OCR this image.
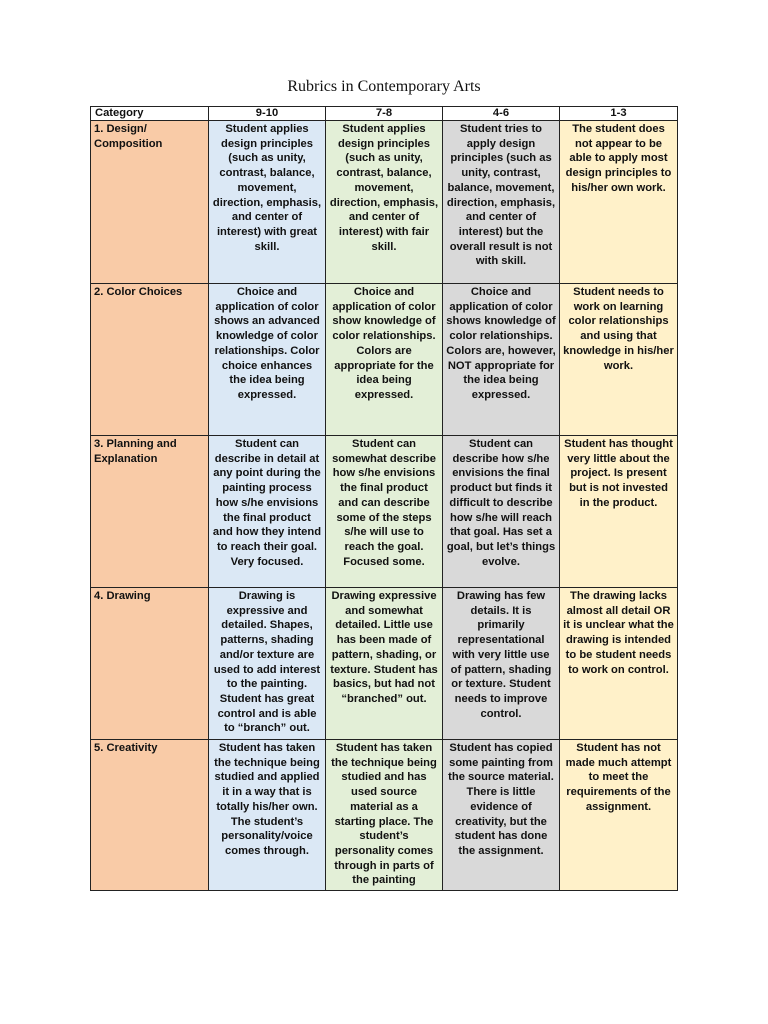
Rubrics in Contemporary Arts
Category	9-10	7-8	4-6	1-3
1. Design/ Composition	Student applies design principles (such as unity, contrast, balance, movement, direction, emphasis, and center of interest) with great skill.	Student applies design principles (such as unity, contrast, balance, movement, direction, emphasis, and center of interest) with fair skill.	Student tries to apply design principles (such as unity, contrast, balance, movement, direction, emphasis, and center of interest) but the overall result is not with skill.	The student does not appear to be able to apply most design principles to his/her own work.
2. Color Choices	Choice and application of color shows an advanced knowledge of color relationships. Color choice enhances the idea being expressed.	Choice and application of color show knowledge of color relationships. Colors are appropriate for the idea being expressed.	Choice and application of color shows knowledge of color relationships. Colors are, however, NOT appropriate for the idea being expressed.	Student needs to work on learning color relationships and using that knowledge in his/her work.
3. Planning and Explanation	Student can describe in detail at any point during the painting process how s/he envisions the final product and how they intend to reach their goal. Very focused.	Student can somewhat describe how s/he envisions the final product and can describe some of the steps s/he will use to reach the goal. Focused some.	Student can describe how s/he envisions the final product but finds it difficult to describe how s/he will reach that goal. Has set a goal, but let’s things evolve.	Student has thought very little about the project. Is present but is not invested in the product.
4. Drawing	Drawing is expressive and detailed. Shapes, patterns, shading and/or texture are used to add interest to the painting. Student has great control and is able to “branch” out.	Drawing expressive and somewhat detailed. Little use has been made of pattern, shading, or texture. Student has basics, but had not “branched” out.	Drawing has few details. It is primarily representational with very little use of pattern, shading or texture. Student needs to improve control.	The drawing lacks almost all detail OR it is unclear what the drawing is intended to be student needs to work on control.
5. Creativity	Student has taken the technique being studied and applied it in a way that is totally his/her own. The student’s personality/voice comes through.	Student has taken the technique being studied and has used source material as a starting place. The student’s personality comes through in parts of the painting	Student has copied some painting from the source material. There is little evidence of creativity, but the student has done the assignment.	Student has not made much attempt to meet the requirements of the assignment.
